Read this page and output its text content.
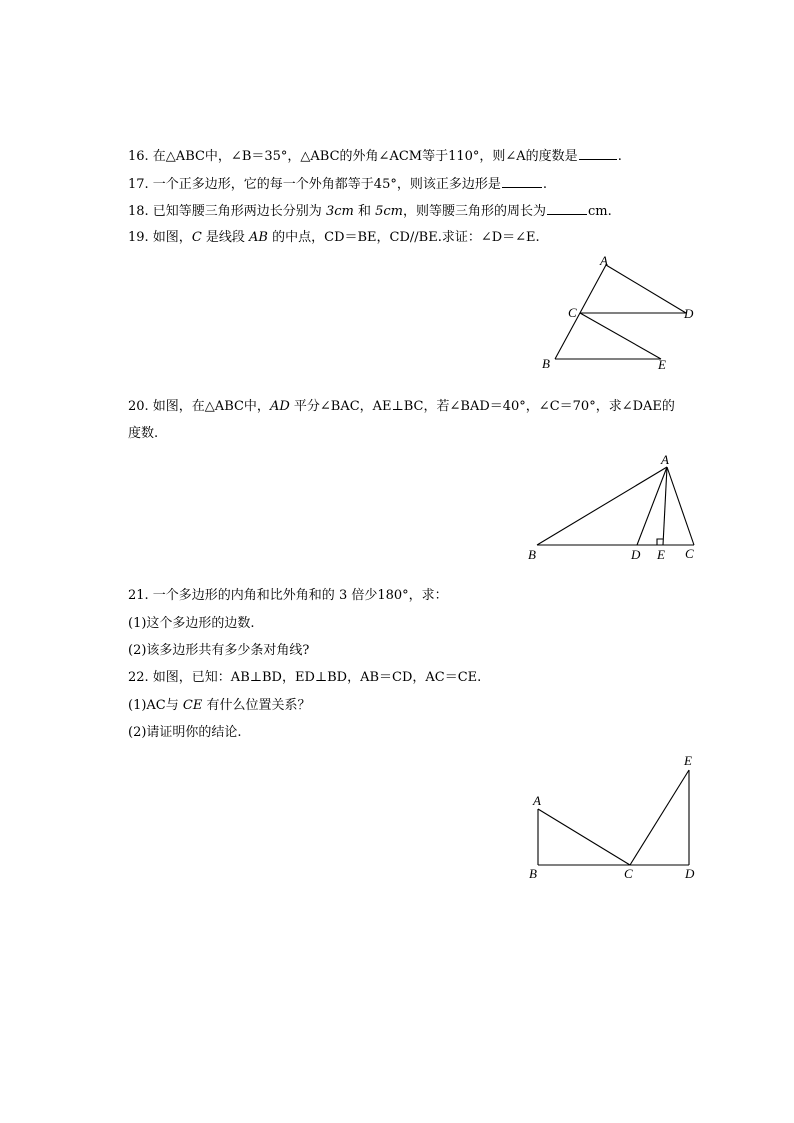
16. 在△ABC中，∠B＝35°，△ABC的外角∠ACM等于110°，则∠A的度数是	.
17. 一个正多边形，它的每一个外角都等于45°，则该正多边形是	.
18. 已知等腰三角形两边长分别为 3cm 和 5cm，则等腰三角形的周长为	cm.
19. 如图，C 是线段 AB 的中点，CD＝BE，CD//BE.求证：∠D＝∠E.
A
C	D
B	E
20. 如图，在△ABC中，AD 平分∠BAC，AE⊥BC，若∠BAD＝40°，∠C＝70°，求∠DAE的
度数.
A
B	D E C
21. 一个多边形的内角和比外角和的 3 倍少180°，求：
(1)这个多边形的边数.
(2)该多边形共有多少条对角线?
22. 如图，已知：AB⊥BD，ED⊥BD，AB＝CD，AC＝CE.
(1)AC与 CE 有什么位置关系？
(2)请证明你的结论.
E
A
B	C	D
